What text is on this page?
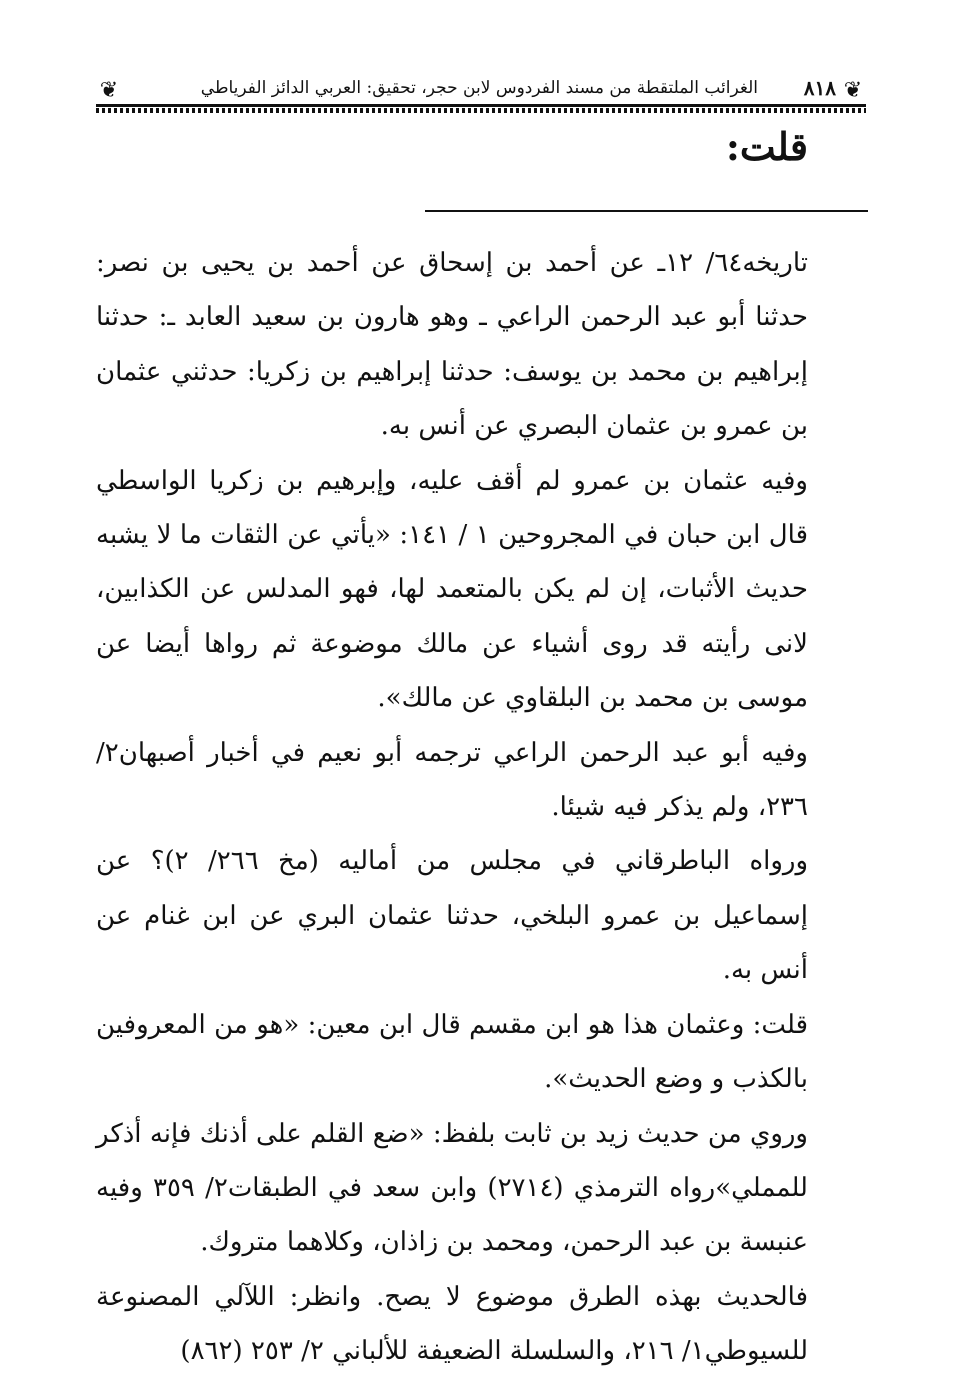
❦
٨١٨
الغرائب الملتقطة من مسند الفردوس لابن حجر، تحقيق: العربي الدائز الفرياطي
❦
قلت:

تاريخه٦٤/ ١٢ـ عن أحمد بن إسحاق عن أحمد بن يحيى بن نصر: حدثنا أبو عبد الرحمن الراعي ـ وهو هارون بن سعيد العابد ـ: حدثنا إبراهيم بن محمد بن يوسف: حدثنا إبراهيم بن زكريا: حدثني عثمان بن عمرو بن عثمان البصري عن أنس به.

وفيه عثمان بن عمرو لم أقف عليه، وإبرهيم بن زكريا الواسطي قال ابن حبان في المجروحين ١ / ١٤١: «يأتي عن الثقات ما لا يشبه حديث الأثبات، إن لم يكن بالمتعمد لها، فهو المدلس عن الكذابين، لانى رأيته قد روى أشياء عن مالك موضوعة ثم رواها أيضا عن موسى بن محمد بن البلقاوي عن مالك».

وفيه أبو عبد الرحمن الراعي ترجمه أبو نعيم في أخبار أصبهان٢/ ٢٣٦، ولم يذكر فيه شيئا.

ورواه الباطرقاني في مجلس من أماليه (مخ ٢٦٦/ ٢)؟ عن إسماعيل بن عمرو البلخي، حدثنا عثمان البري عن ابن غنام عن أنس به.

قلت: وعثمان هذا هو ابن مقسم قال ابن معين: «هو من المعروفين بالكذب و وضع الحديث».

وروي من حديث زيد بن ثابت بلفظ: «ضع القلم على أذنك فإنه أذكر للمملي»رواه الترمذي (٢٧١٤) وابن سعد في الطبقات٢/ ٣٥٩ وفيه عنبسة بن عبد الرحمن، ومحمد بن زاذان، وكلاهما متروك.

فالحديث بهذه الطرق موضوع لا يصح. وانظر: اللآلي المصنوعة للسيوطي١/ ٢١٦، والسلسلة الضعيفة للألباني ٢/ ٢٥٣ (٨٦٢)
